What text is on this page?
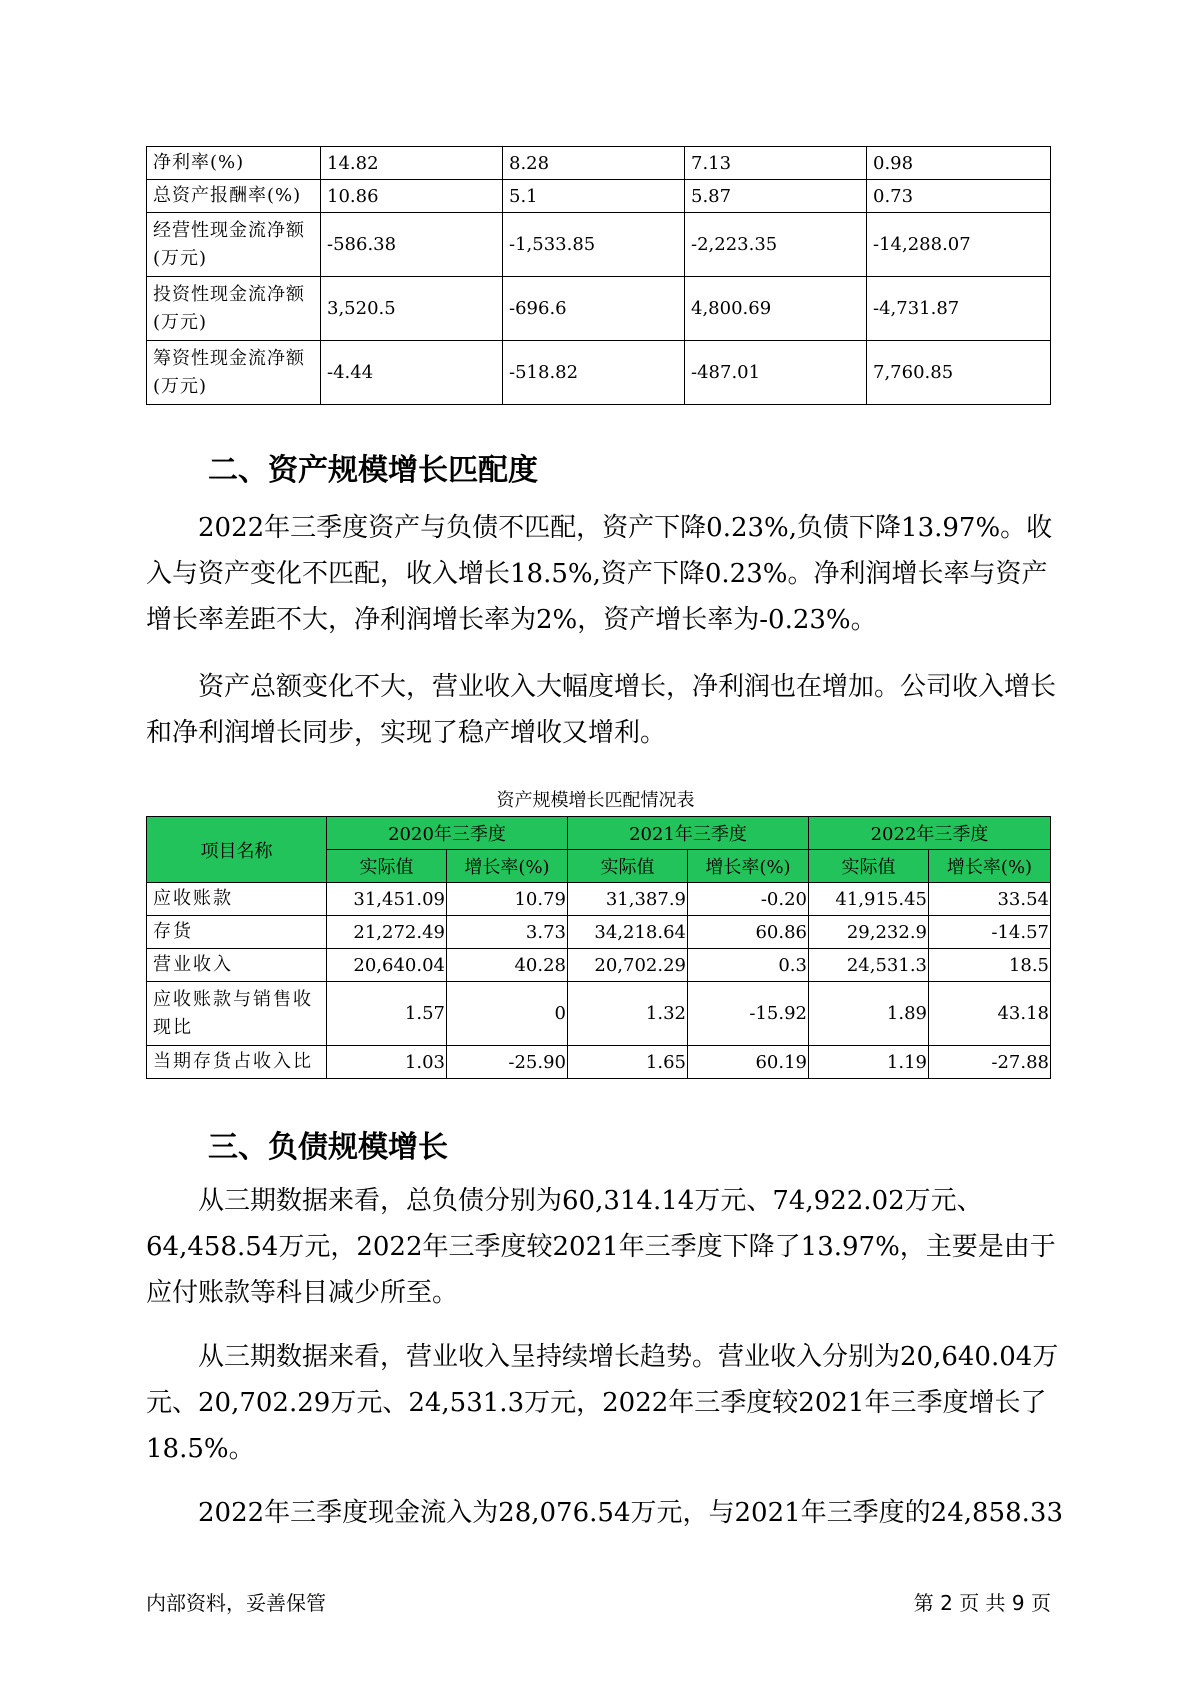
净利率(%)	14.82	8.28	7.13	0.98
总资产报酬率(%)	10.86	5.1	5.87	0.73
经营性现金流净额(万元)	-586.38	-1,533.85	-2,223.35	-14,288.07
投资性现金流净额(万元)	3,520.5	-696.6	4,800.69	-4,731.87
筹资性现金流净额(万元)	-4.44	-518.82	-487.01	7,760.85
二、资产规模增长匹配度

2022年三季度资产与负债不匹配，资产下降0.23%,负债下降13.97%。收入与资产变化不匹配，收入增长18.5%,资产下降0.23%。净利润增长率与资产增长率差距不大，净利润增长率为2%，资产增长率为-0.23%。

资产总额变化不大，营业收入大幅度增长，净利润也在增加。公司收入增长和净利润增长同步，实现了稳产增收又增利。

资产规模增长匹配情况表
项目名称	2020年三季度		2021年三季度		2022年三季度	
	实际值	增长率(%)	实际值	增长率(%)	实际值	增长率(%)
应收账款	31,451.09	10.79	31,387.9	-0.20	41,915.45	33.54
存货	21,272.49	3.73	34,218.64	60.86	29,232.9	-14.57
营业收入	20,640.04	40.28	20,702.29	0.3	24,531.3	18.5
应收账款与销售收现比	1.57	0	1.32	-15.92	1.89	43.18
当期存货占收入比	1.03	-25.90	1.65	60.19	1.19	-27.88
三、负债规模增长

从三期数据来看，总负债分别为60,314.14万元、74,922.02万元、64,458.54万元，2022年三季度较2021年三季度下降了13.97%，主要是由于应付账款等科目减少所至。

从三期数据来看，营业收入呈持续增长趋势。营业收入分别为20,640.04万元、20,702.29万元、24,531.3万元，2022年三季度较2021年三季度增长了18.5%。

2022年三季度现金流入为28,076.54万元，与2021年三季度的24,858.33

内部资料，妥善保管	第 2 页 共 9 页
